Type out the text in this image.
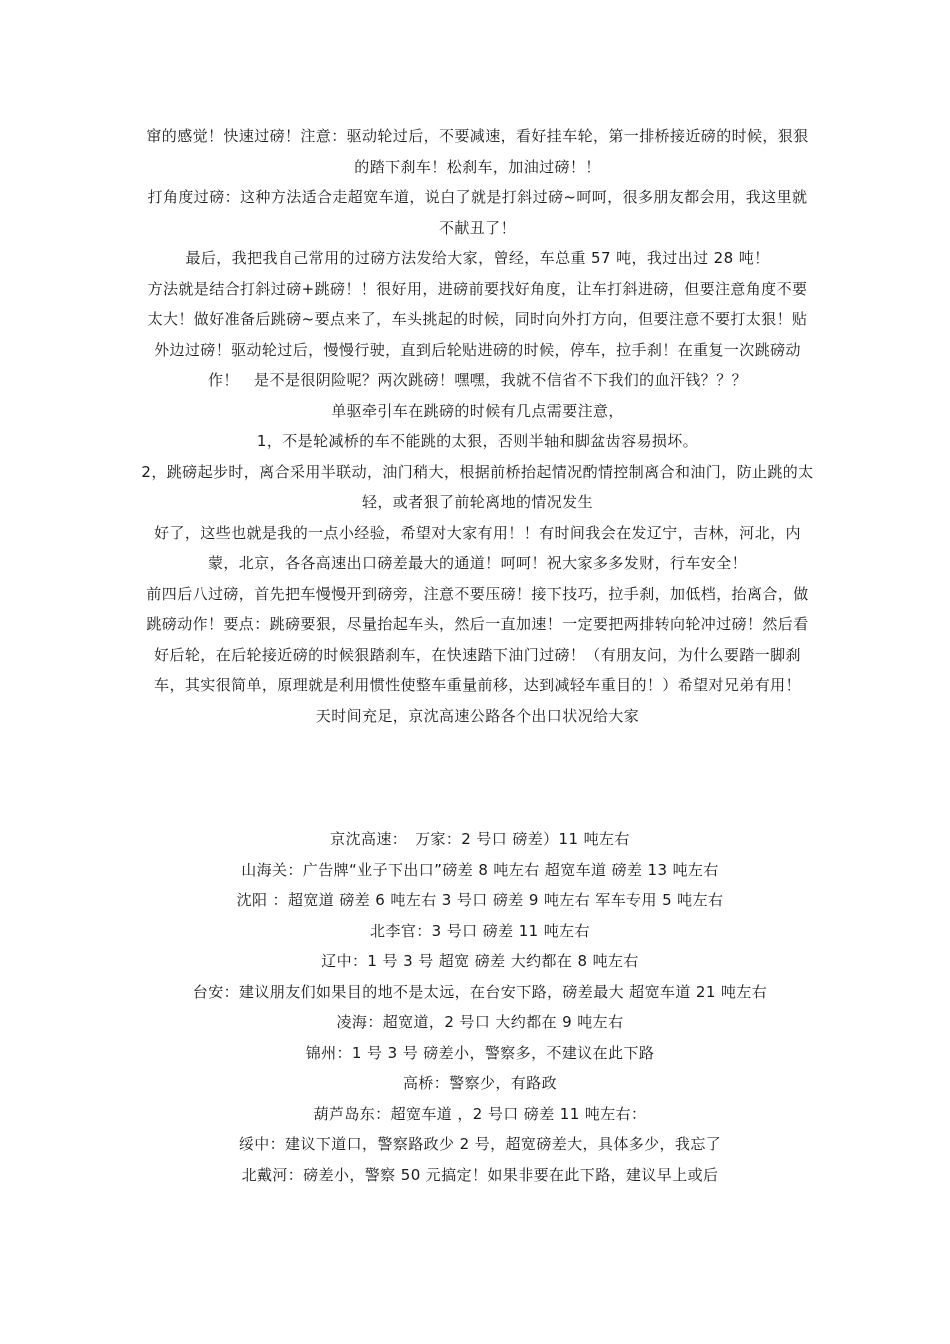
窜的感觉！快速过磅！注意：驱动轮过后，不要减速，看好挂车轮，第一排桥接近磅的时候，狠狠的踏下刹车！松刹车，加油过磅！！

打角度过磅：这种方法适合走超宽车道，说白了就是打斜过磅~呵呵，很多朋友都会用，我这里就不献丑了！

最后，我把我自己常用的过磅方法发给大家，曾经，车总重 57 吨，我过出过 28 吨！

方法就是结合打斜过磅+跳磅！！很好用，进磅前要找好角度，让车打斜进磅，但要注意角度不要太大！做好准备后跳磅~要点来了，车头挑起的时候，同时向外打方向，但要注意不要打太狠！贴外边过磅！驱动轮过后，慢慢行驶，直到后轮贴进磅的时候，停车，拉手刹！在重复一次跳磅动作！　是不是很阴险呢？两次跳磅！嘿嘿，我就不信省不下我们的血汗钱？？？

单驱牵引车在跳磅的时候有几点需要注意，

1，不是轮减桥的车不能跳的太狠，否则半轴和脚盆齿容易损坏。

2，跳磅起步时，离合采用半联动，油门稍大，根据前桥抬起情况酌情控制离合和油门，防止跳的太轻，或者狠了前轮离地的情况发生

好了，这些也就是我的一点小经验，希望对大家有用！！有时间我会在发辽宁，吉林，河北，内蒙，北京，各各高速出口磅差最大的通道！呵呵！祝大家多多发财，行车安全！

前四后八过磅，首先把车慢慢开到磅旁，注意不要压磅！接下技巧，拉手刹，加低档，抬离合，做跳磅动作！要点：跳磅要狠，尽量抬起车头，然后一直加速！一定要把两排转向轮冲过磅！然后看好后轮，在后轮接近磅的时候狠踏刹车，在快速踏下油门过磅！（有朋友问，为什么要踏一脚刹车，其实很简单，原理就是利用惯性使整车重量前移，达到减轻车重目的！）希望对兄弟有用！

天时间充足，京沈高速公路各个出口状况给大家

京沈高速：　万家：2 号口 磅差）11 吨左右

山海关：广告牌“业子下出口”磅差 8 吨左右 超宽车道 磅差 13 吨左右

沈阳 ：超宽道 磅差 6 吨左右 3 号口 磅差 9 吨左右 军车专用 5 吨左右

北李官：3 号口 磅差 11 吨左右

辽中：1 号 3 号 超宽 磅差 大约都在 8 吨左右

台安：建议朋友们如果目的地不是太远，在台安下路，磅差最大 超宽车道 21 吨左右

凌海：超宽道，2 号口 大约都在 9 吨左右

锦州：1 号 3 号 磅差小，警察多，不建议在此下路

高桥：警察少，有路政

葫芦岛东：超宽车道 ，2 号口 磅差 11 吨左右：

绥中：建议下道口，警察路政少 2 号，超宽磅差大，具体多少，我忘了

北戴河：磅差小，警察 50 元搞定！如果非要在此下路，建议早上或后
